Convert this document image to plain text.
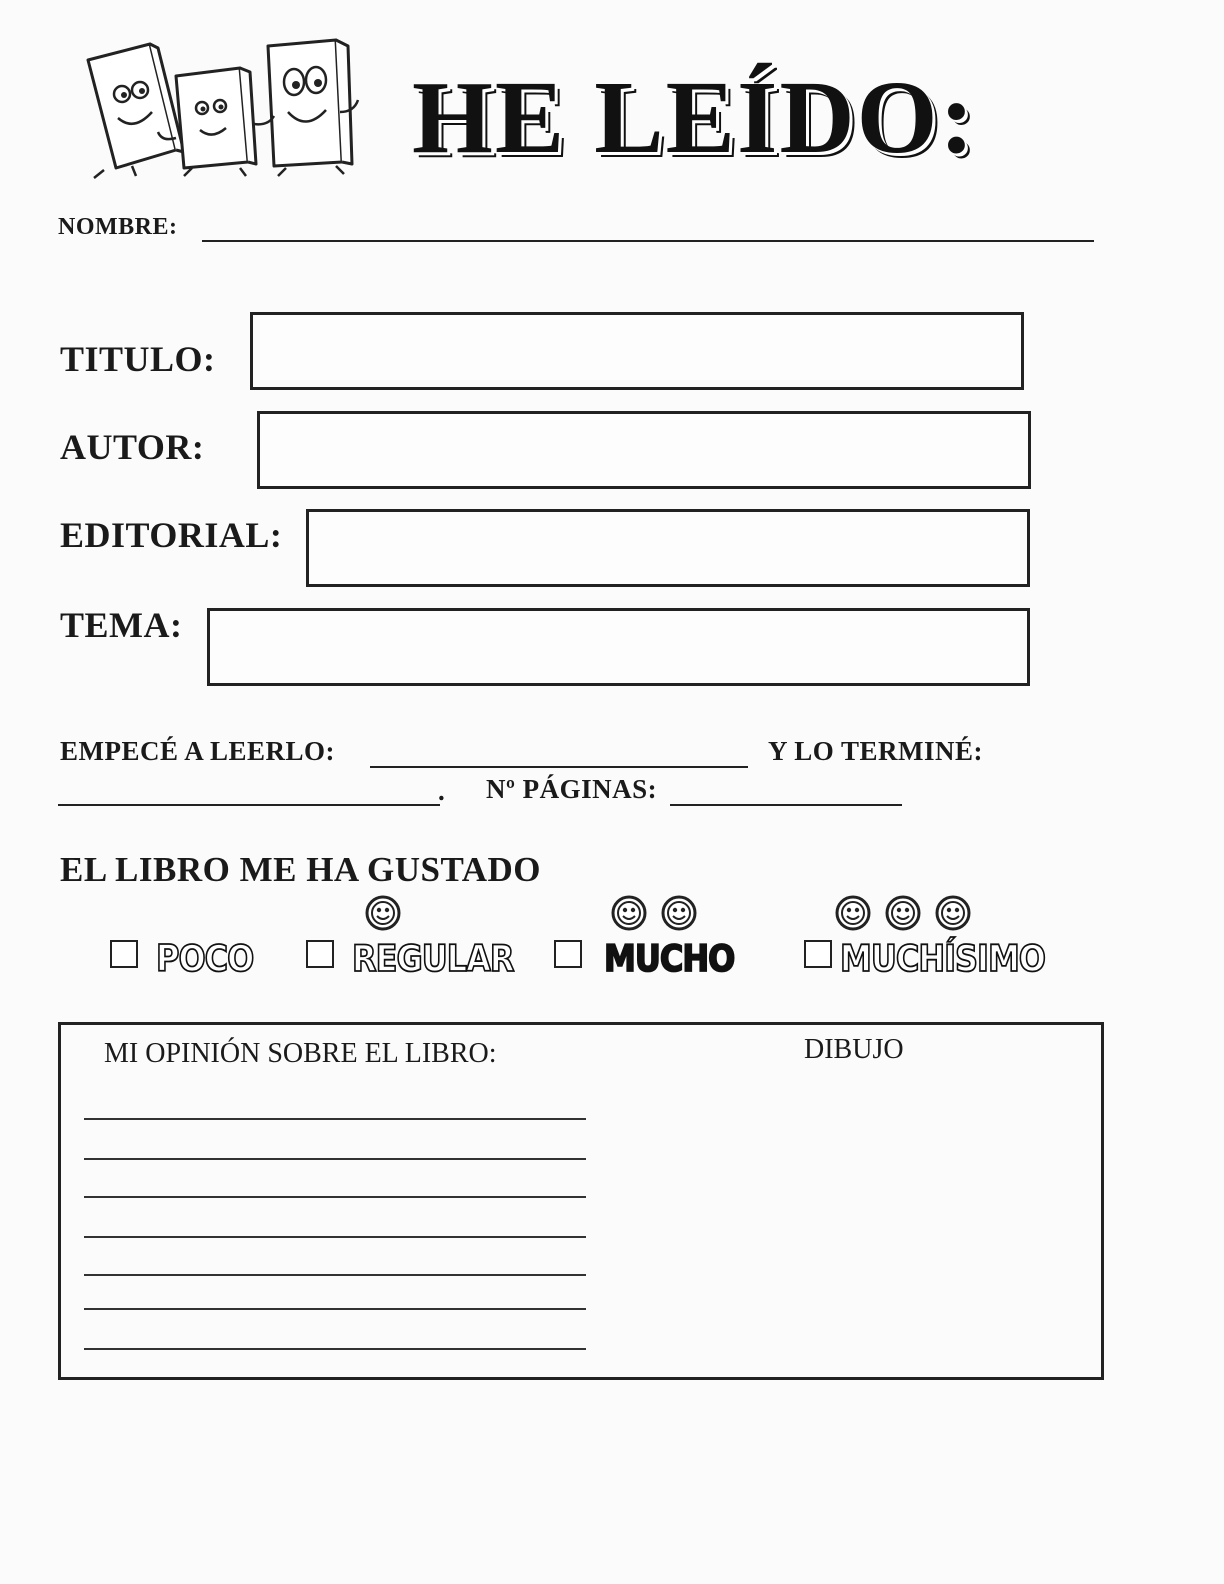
HE LEÍDO:
NOMBRE:
TITULO:
AUTOR:
EDITORIAL:
TEMA:
EMPECÉ A LEERLO:	Y LO TERMINÉ:
. Nº PÁGINAS:
EL LIBRO ME HA GUSTADO
POCO	REGULAR	MUCHO	MUCHÍSIMO
MI OPINIÓN SOBRE EL LIBRO:	DIBUJO
